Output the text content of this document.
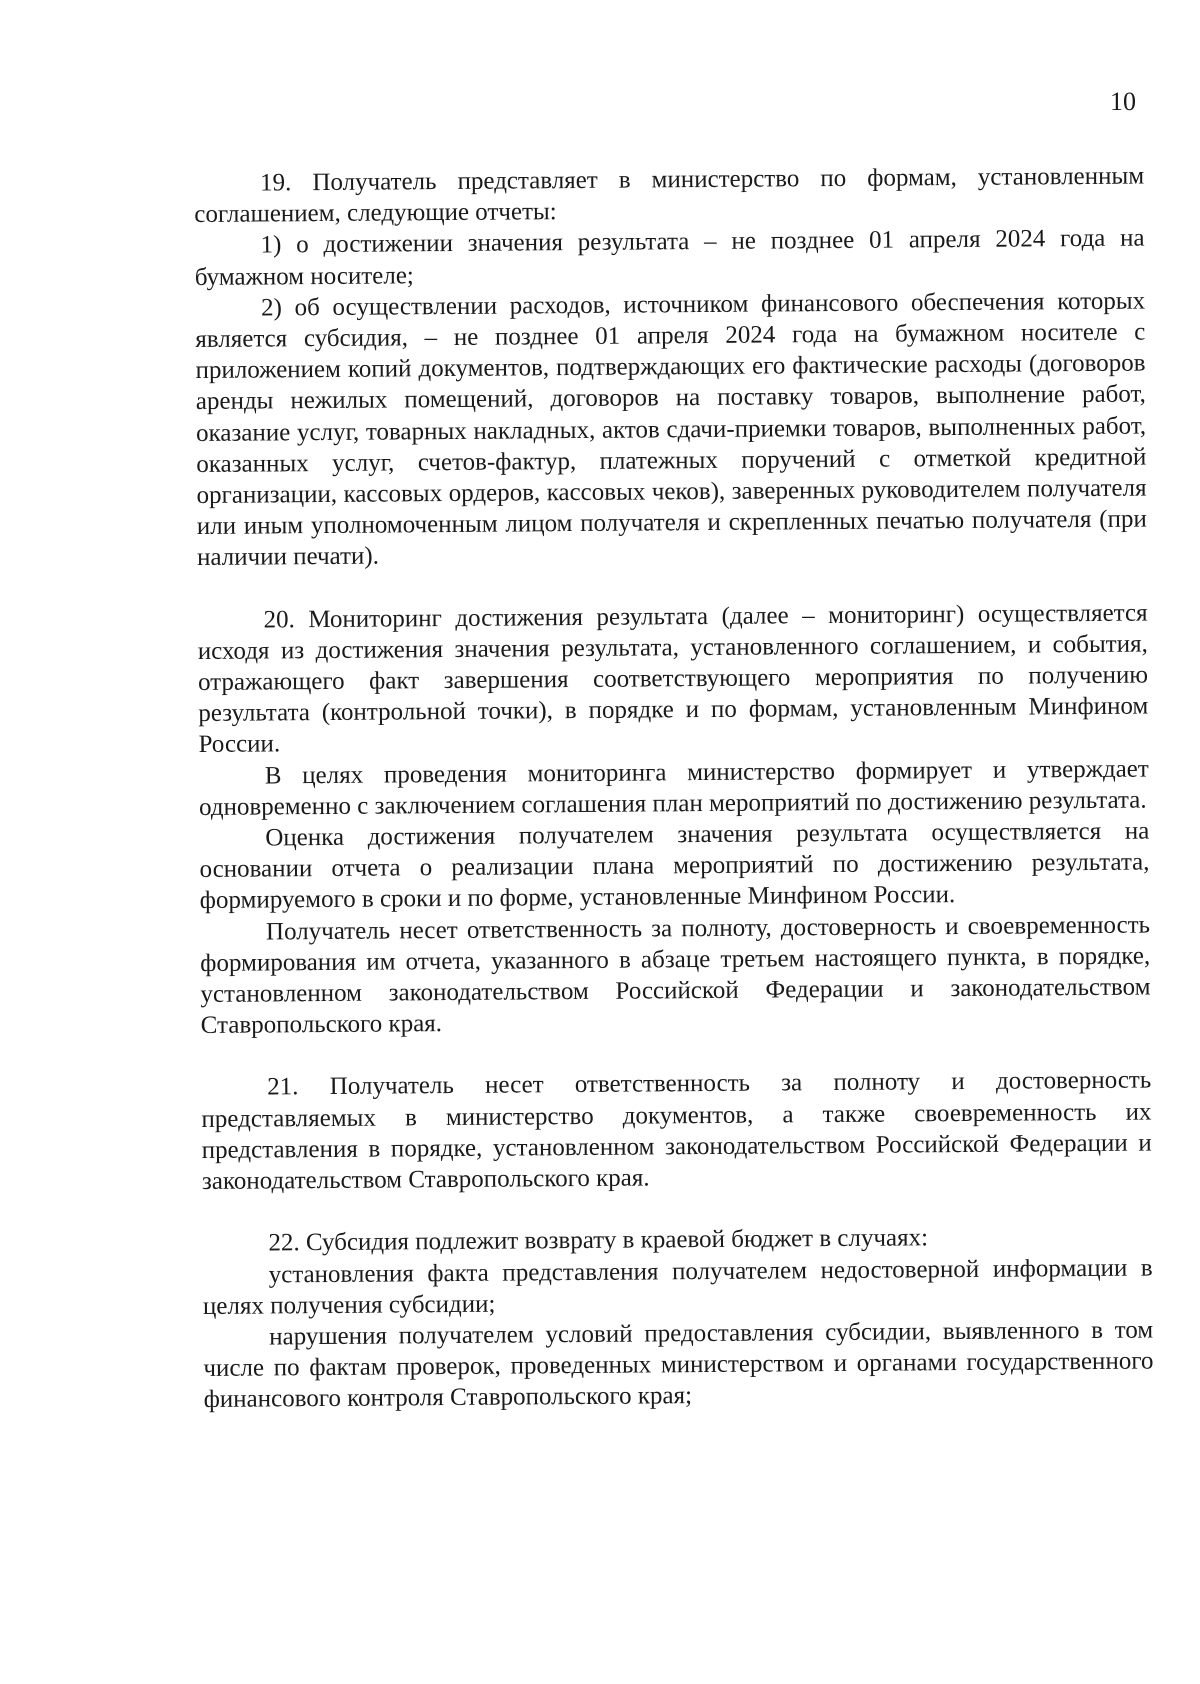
10

19. Получатель представляет в министерство по формам, установленным соглашением, следующие отчеты:

1) о достижении значения результата – не позднее 01 апреля 2024 года на бумажном носителе;

2) об осуществлении расходов, источником финансового обеспечения которых является субсидия, – не позднее 01 апреля 2024 года на бумажном носителе с приложением копий документов, подтверждающих его фактические расходы (договоров аренды нежилых помещений, договоров на поставку товаров, выполнение работ, оказание услуг, товарных накладных, актов сдачи-приемки товаров, выполненных работ, оказанных услуг, счетов-фактур, платежных поручений с отметкой кредитной организации, кассовых ордеров, кассовых чеков), заверенных руководителем получателя или иным уполномоченным лицом получателя и скрепленных печатью получателя (при наличии печати).

20. Мониторинг достижения результата (далее – мониторинг) осуществляется исходя из достижения значения результата, установленного соглашением, и события, отражающего факт завершения соответствующего мероприятия по получению результата (контрольной точки), в порядке и по формам, установленным Минфином России.

В целях проведения мониторинга министерство формирует и утверждает одновременно с заключением соглашения план мероприятий по достижению результата.

Оценка достижения получателем значения результата осуществляется на основании отчета о реализации плана мероприятий по достижению результата, формируемого в сроки и по форме, установленные Минфином России.

Получатель несет ответственность за полноту, достоверность и своевременность формирования им отчета, указанного в абзаце третьем настоящего пункта, в порядке, установленном законодательством Российской Федерации и законодательством Ставропольского края.

21. Получатель несет ответственность за полноту и достоверность представляемых в министерство документов, а также своевременность их представления в порядке, установленном законодательством Российской Федерации и законодательством Ставропольского края.

22. Субсидия подлежит возврату в краевой бюджет в случаях:

установления факта представления получателем недостоверной информации в целях получения субсидии;

нарушения получателем условий предоставления субсидии, выявленного в том числе по фактам проверок, проведенных министерством и органами государственного финансового контроля Ставропольского края;
